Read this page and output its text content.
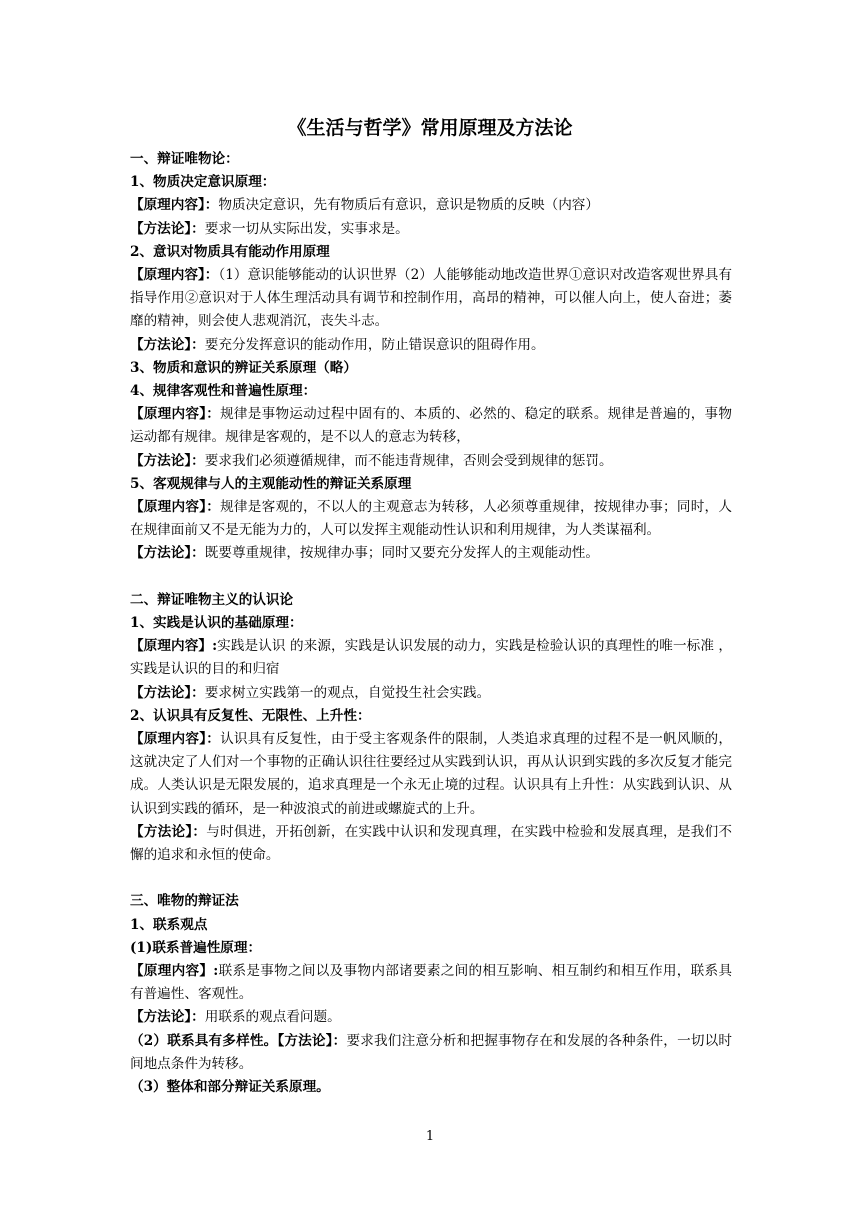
《生活与哲学》常用原理及方法论

一、辩证唯物论：

1、物质决定意识原理：

【原理内容】：物质决定意识，先有物质后有意识，意识是物质的反映（内容）

【方法论】：要求一切从实际出发，实事求是。

2、意识对物质具有能动作用原理

【原理内容】：（1）意识能够能动的认识世界（2）人能够能动地改造世界①意识对改造客观世界具有指导作用②意识对于人体生理活动具有调节和控制作用，高昂的精神，可以催人向上，使人奋进；萎靡的精神，则会使人悲观消沉，丧失斗志。

【方法论】：要充分发挥意识的能动作用，防止错误意识的阻碍作用。

3、物质和意识的辨证关系原理（略）

4、规律客观性和普遍性原理：

【原理内容】：规律是事物运动过程中固有的、本质的、必然的、稳定的联系。规律是普遍的，事物运动都有规律。规律是客观的，是不以人的意志为转移，

【方法论】：要求我们必须遵循规律，而不能违背规律，否则会受到规律的惩罚。

5、客观规律与人的主观能动性的辩证关系原理

【原理内容】：规律是客观的，不以人的主观意志为转移，人必须尊重规律，按规律办事；同时，人在规律面前又不是无能为力的，人可以发挥主观能动性认识和利用规律，为人类谋福利。

【方法论】：既要尊重规律，按规律办事；同时又要充分发挥人的主观能动性。

二、辩证唯物主义的认识论

1、实践是认识的基础原理：

【原理内容】:实践是认识 的来源，实践是认识发展的动力，实践是检验认识的真理性的唯一标准 ，实践是认识的目的和归宿

【方法论】：要求树立实践第一的观点，自觉投生社会实践。

2、认识具有反复性、无限性、上升性：

【原理内容】：认识具有反复性，由于受主客观条件的限制，人类追求真理的过程不是一帆风顺的，这就决定了人们对一个事物的正确认识往往要经过从实践到认识，再从认识到实践的多次反复才能完成。人类认识是无限发展的，追求真理是一个永无止境的过程。认识具有上升性：从实践到认识、从认识到实践的循环，是一种波浪式的前进或螺旋式的上升。

【方法论】：与时俱进，开拓创新，在实践中认识和发现真理，在实践中检验和发展真理，是我们不懈的追求和永恒的使命。

三、唯物的辩证法

1、联系观点

(1)联系普遍性原理：

【原理内容】:联系是事物之间以及事物内部诸要素之间的相互影响、相互制约和相互作用，联系具有普遍性、客观性。

【方法论】：用联系的观点看问题。

（2）联系具有多样性。【方法论】：要求我们注意分析和把握事物存在和发展的各种条件，一切以时间地点条件为转移。

（3）整体和部分辩证关系原理。

1
